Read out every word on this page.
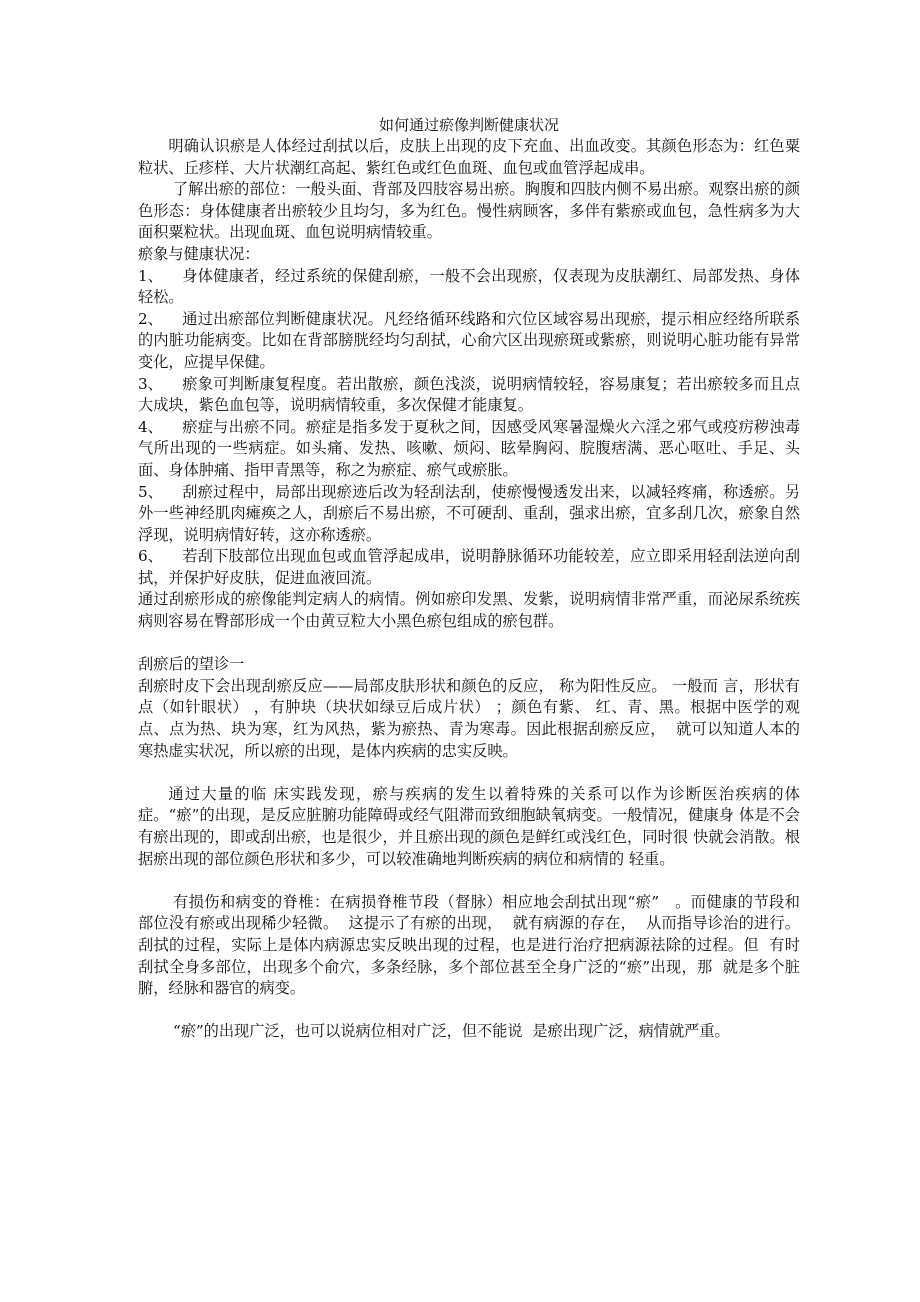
如何通过瘀像判断健康状况

明确认识瘀是人体经过刮拭以后，皮肤上出现的皮下充血、出血改变。其颜色形态为：红色粟粒状、丘疹样、大片状潮红高起、紫红色或红色血斑、血包或血管浮起成串。

了解出瘀的部位：一般头面、背部及四肢容易出瘀。胸腹和四肢内侧不易出瘀。观察出瘀的颜色形态：身体健康者出瘀较少且均匀，多为红色。慢性病顾客，多伴有紫瘀或血包，急性病多为大面积粟粒状。出现血斑、血包说明病情较重。

瘀象与健康状况：

1、 身体健康者，经过系统的保健刮瘀，一般不会出现瘀，仅表现为皮肤潮红、局部发热、身体轻松。

2、 通过出瘀部位判断健康状况。凡经络循环线路和穴位区域容易出现瘀，提示相应经络所联系的内脏功能病变。比如在背部膀胱经均匀刮拭，心俞穴区出现瘀斑或紫瘀，则说明心脏功能有异常变化，应提早保健。

3、 瘀象可判断康复程度。若出散瘀，颜色浅淡，说明病情较轻，容易康复；若出瘀较多而且点大成块，紫色血包等，说明病情较重，多次保健才能康复。

4、 瘀症与出瘀不同。瘀症是指多发于夏秋之间，因感受风寒暑湿燥火六淫之邪气或疫疠秽浊毒气所出现的一些病症。如头痛、发热、咳嗽、烦闷、眩晕胸闷、脘腹痞满、恶心呕吐、手足、头面、身体肿痛、指甲青黑等，称之为瘀症、瘀气或瘀胀。

5、 刮瘀过程中，局部出现瘀迹后改为轻刮法刮，使瘀慢慢透发出来，以减轻疼痛，称透瘀。另外一些神经肌肉瘫痪之人，刮瘀后不易出瘀，不可硬刮、重刮，强求出瘀，宜多刮几次，瘀象自然浮现，说明病情好转，这亦称透瘀。

6、 若刮下肢部位出现血包或血管浮起成串，说明静脉循环功能较差，应立即采用轻刮法逆向刮拭，并保护好皮肤，促进血液回流。

通过刮瘀形成的瘀像能判定病人的病情。例如瘀印发黑、发紫，说明病情非常严重，而泌尿系统疾病则容易在臀部形成一个由黄豆粒大小黑色瘀包组成的瘀包群。

刮瘀后的望诊一

刮瘀时皮下会出现刮瘀反应——局部皮肤形状和颜色的反应， 称为阳性反应。 一般而 言，形状有点（如针眼状） ，有肿块（块状如绿豆后成片状） ；颜色有紫、 红、青、黑。根据中医学的观点、点为热、块为寒，红为风热，紫为瘀热、青为寒毒。因此根据刮瘀反应，  就可以知道人本的 寒热虚实状况，所以瘀的出现，是体内疾病的忠实反映。

通过大量的临 床实践发现，瘀与疾病的发生以着特殊的关系可以作为诊断医治疾病的体症。“瘀”的出现，是反应脏腑功能障碍或经气阻滞而致细胞缺氧病变。一般情况，健康身 体是不会有瘀出现的，即或刮出瘀，也是很少，并且瘀出现的颜色是鲜红或浅红色，同时很 快就会消散。根据瘀出现的部位颜色形状和多少，可以较准确地判断疾病的病位和病情的 轻重。

有损伤和病变的脊椎：在病损脊椎节段（督脉）相应地会刮拭出现“瘀”   。而健康的节段和  部位没有瘀或出现稀少轻微。  这提示了有瘀的出现，  就有病源的存在，  从而指导诊治的进行。  刮拭的过程，实际上是体内病源忠实反映出现的过程，也是进行治疗把病源祛除的过程。但  有时刮拭全身多部位，出现多个俞穴，多条经脉，多个部位甚至全身广泛的“瘀”出现，那  就是多个脏腑，经脉和器官的病变。

“瘀”的出现广泛，也可以说病位相对广泛，但不能说  是瘀出现广泛，病情就严重。
